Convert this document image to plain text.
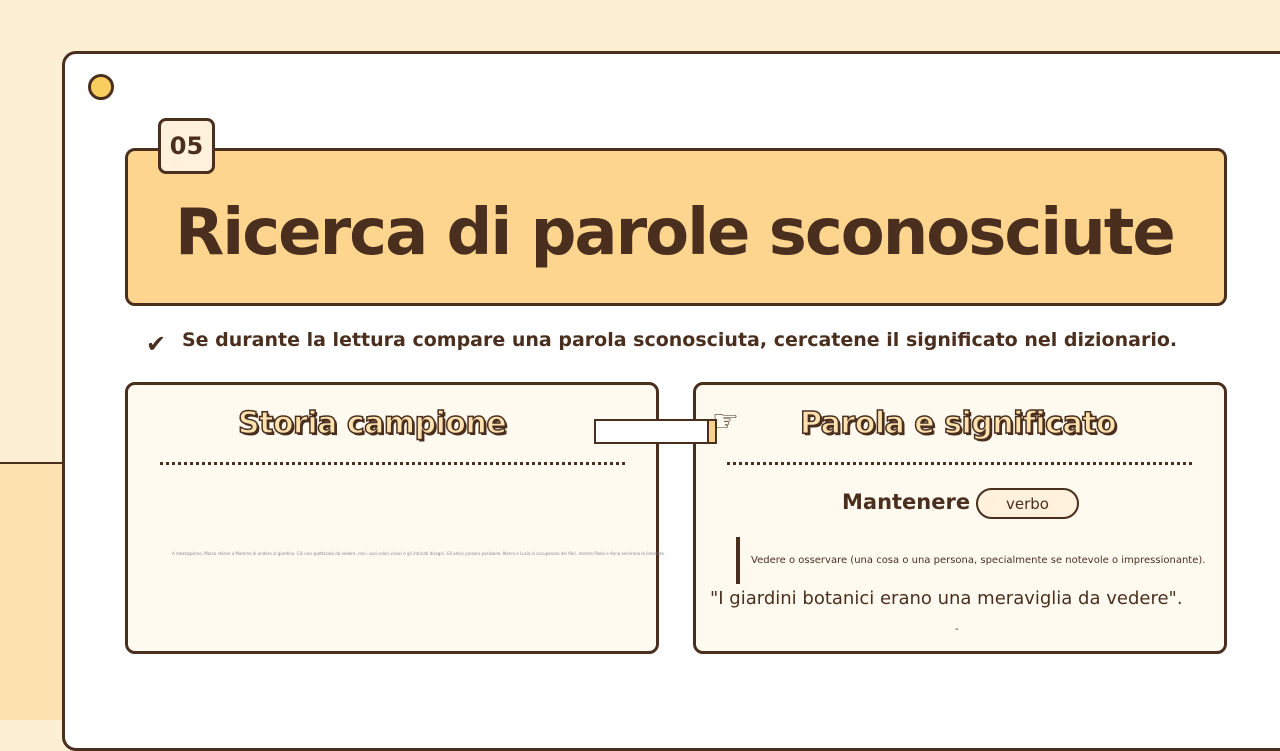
05
Ricerca di parole sconosciute
✔ Se durante la lettura compare una parola sconosciuta, cercatene il significato nel dizionario.
Storia campione
A mezzogiorno, Marco chiese a Mamma di andare al giardino. Ciò una spettacolo da vedere, con i suoi colori vivaci e gli intricati disegni. Gli amici presero posizione. Marco e Lucia si occuparono dei fiori, mentre Paolo e Anna servirono la limonata.
Parola e significato
Mantenere	verbo
Vedere o osservare (una cosa o una persona, specialmente se notevole o impressionante).
"I giardini botanici erano una meraviglia da vedere".
-
☞
